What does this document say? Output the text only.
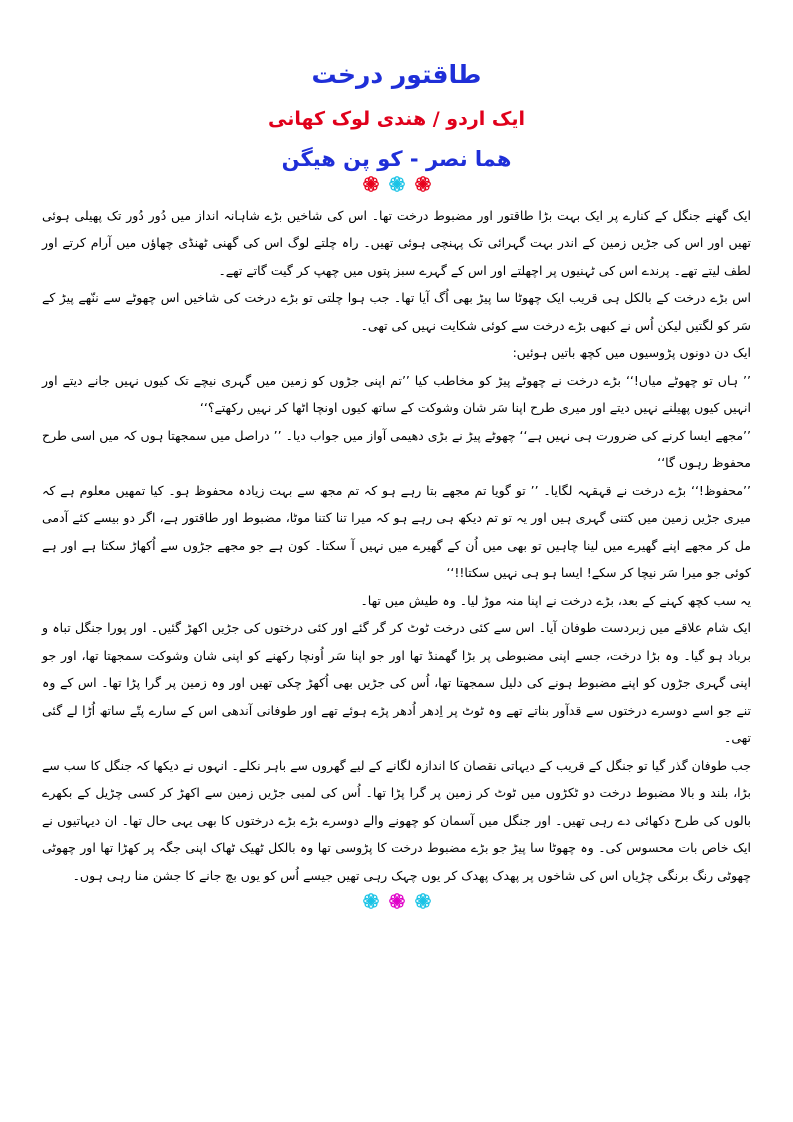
طاقتور درخت
ایک اردو / ھندی لوک کھانی
ھما نصر - کو پن ھیگن

ایک گھنے جنگل کے کنارے پر ایک بہت بڑا طاقتور اور مضبوط درخت تھا۔ اس کی شاخیں بڑے شاہانہ انداز میں دُور دُور تک پھیلی ہوئی تھیں اور اس کی جڑیں زمین کے اندر بہت گہرائی تک پہنچی ہوئی تھیں۔ راہ چلتے لوگ اس کی گھنی ٹھنڈی چھاؤں میں آرام کرتے اور لطف لیتے تھے۔ پرندے اس کی ٹہنیوں پر اچھلتے اور اس کے گہرے سبز پتوں میں چھپ کر گیت گاتے تھے۔

اس بڑے درخت کے بالکل ہی قریب ایک چھوٹا سا پیڑ بھی اُگ آیا تھا۔ جب ہوا چلتی تو بڑے درخت کی شاخیں اس چھوٹے سے ننّھے پیڑ کے سَر کو لگتیں لیکن اُس نے کبھی بڑے درخت سے کوئی شکایت نہیں کی تھی۔

ایک دن دونوں پڑوسیوں میں کچھ باتیں ہوئیں:

’’ ہاں تو چھوٹے میاں!‘‘ بڑے درخت نے چھوٹے پیڑ کو مخاطب کیا ’’تم اپنی جڑوں کو زمین میں گہری نیچے تک کیوں نہیں جانے دیتے اور انہیں کیوں پھیلنے نہیں دیتے اور میری طرح اپنا سَر شان وشوکت کے ساتھ کیوں اونچا اٹھا کر نہیں رکھتے؟‘‘

’’مجھے ایسا کرنے کی ضرورت ہی نہیں ہے‘‘ چھوٹے پیڑ نے بڑی دھیمی آواز میں جواب دیا۔ ’’ دراصل میں سمجھتا ہوں کہ میں اسی طرح محفوظ رہوں گا‘‘

’’محفوظ!‘‘ بڑے درخت نے قہقہہ لگایا۔ ’’ تو گویا تم مجھے بتا رہے ہو کہ تم مجھ سے بہت زیادہ محفوظ ہو۔ کیا تمھیں معلوم ہے کہ میری جڑیں زمین میں کتنی گہری ہیں اور یہ تو تم دیکھ ہی رہے ہو کہ میرا تنا کتنا موٹا، مضبوط اور طاقتور ہے، اگر دو بیسے کئے آدمی مل کر مجھے اپنے گھیرے میں لینا چاہیں تو بھی میں اُن کے گھیرے میں نہیں آ سکتا۔ کون ہے جو مجھے جڑوں سے اُکھاڑ سکتا ہے اور ہے کوئی جو میرا سَر نیچا کر سکے! ایسا ہو ہی نہیں سکتا!!‘‘

یہ سب کچھ کہنے کے بعد، بڑے درخت نے اپنا منہ موڑ لیا۔ وہ طیش میں تھا۔

ایک شام علاقے میں زبردست طوفان آیا۔ اس سے کئی درخت ٹوٹ کر گر گئے اور کئی درختوں کی جڑیں اکھڑ گئیں۔ اور پورا جنگل تباہ و برباد ہو گیا۔ وہ بڑا درخت، جسے اپنی مضبوطی پر بڑا گھمنڈ تھا اور جو اپنا سَر اُونچا رکھنے کو اپنی شان وشوکت سمجھتا تھا، اور جو اپنی گہری جڑوں کو اپنے مضبوط ہونے کی دلیل سمجھتا تھا، اُس کی جڑیں بھی اُکھڑ چکی تھیں اور وہ زمین پر گرا پڑا تھا۔ اس کے وہ تنے جو اسے دوسرے درختوں سے قدآور بناتے تھے وہ ٹوٹ پر اِدھر اُدھر پڑے ہوئے تھے اور طوفانی آندھی اس کے سارے پتّے ساتھ اُڑا لے گئی تھی۔

جب طوفان گذر گیا تو جنگل کے قریب کے دیہاتی نقصان کا اندازہ لگانے کے لیے گھروں سے باہر نکلے۔ انہوں نے دیکھا کہ جنگل کا سب سے بڑا، بلند و بالا مضبوط درخت دو ٹکڑوں میں ٹوٹ کر زمین پر گرا پڑا تھا۔ اُس کی لمبی جڑیں زمین سے اکھڑ کر کسی چڑیل کے بکھرے بالوں کی طرح دکھائی دے رہی تھیں۔ اور جنگل میں آسمان کو چھونے والے دوسرے بڑے بڑے درختوں کا بھی یہی حال تھا۔ ان دیہاتیوں نے ایک خاص بات محسوس کی۔ وہ چھوٹا سا پیڑ جو بڑے مضبوط درخت کا پڑوسی تھا وہ بالکل ٹھیک ٹھاک اپنی جگہ پر کھڑا تھا اور چھوٹی چھوٹی رنگ برنگی چڑیاں اس کی شاخوں پر پھدک پھدک کر یوں چہک رہی تھیں جیسے اُس کو یوں بچ جانے کا جشن منا رہی ہوں۔
